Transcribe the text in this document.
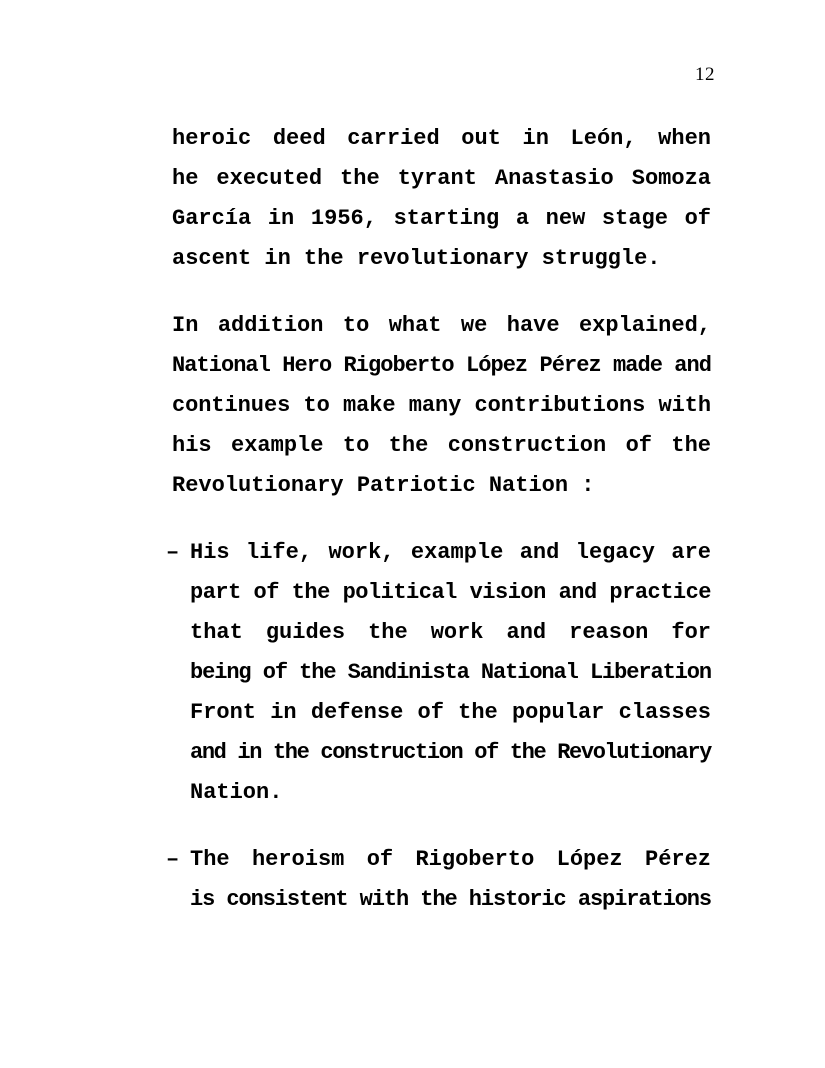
12
heroic deed carried out in León, when
he executed the tyrant Anastasio Somoza
García in 1956, starting a new stage of
ascent in the revolutionary struggle.
In addition to what we have explained,
National Hero Rigoberto López Pérez made and
continues to make many contributions with
his example to the construction of the
Revolutionary Patriotic Nation :
– His life, work, example and legacy are
part of the political vision and practice
that guides the work and reason for
being of the Sandinista National Liberation
Front in defense of the popular classes
and in the construction of the Revolutionary
Nation.
– The heroism of Rigoberto López Pérez
is consistent with the historic aspirations
